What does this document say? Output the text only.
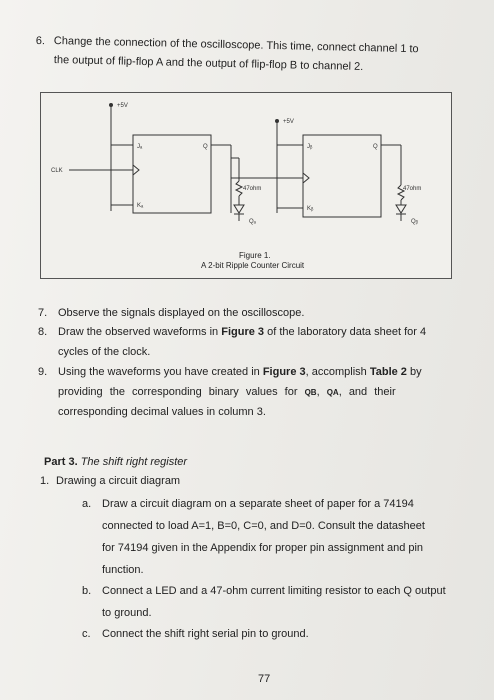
6. Change the connection of the oscilloscope. This time, connect channel 1 to
the output of flip-flop A and the output of flip-flop B to channel 2.
+5V
+5V
CLK
Jₐ
Kₐ
Q	Jᵦ
Kᵦ
Q
47ohm	47ohm
Qₐ	Qᵦ
Figure 1.
A 2-bit Ripple Counter Circuit
7. Observe the signals displayed on the oscilloscope.
8. Draw the observed waveforms in Figure 3 of the laboratory data sheet for 4
cycles of the clock.
9. Using the waveforms you have created in Figure 3, accomplish Table 2 by
providing the corresponding binary values for QB, QA, and their
corresponding decimal values in column 3.
Part 3. The shift right register
1. Drawing a circuit diagram
a. Draw a circuit diagram on a separate sheet of paper for a 74194
connected to load A=1, B=0, C=0, and D=0. Consult the datasheet
for 74194 given in the Appendix for proper pin assignment and pin
function.
b. Connect a LED and a 47-ohm current limiting resistor to each Q output
to ground.
c. Connect the shift right serial pin to ground.
77
